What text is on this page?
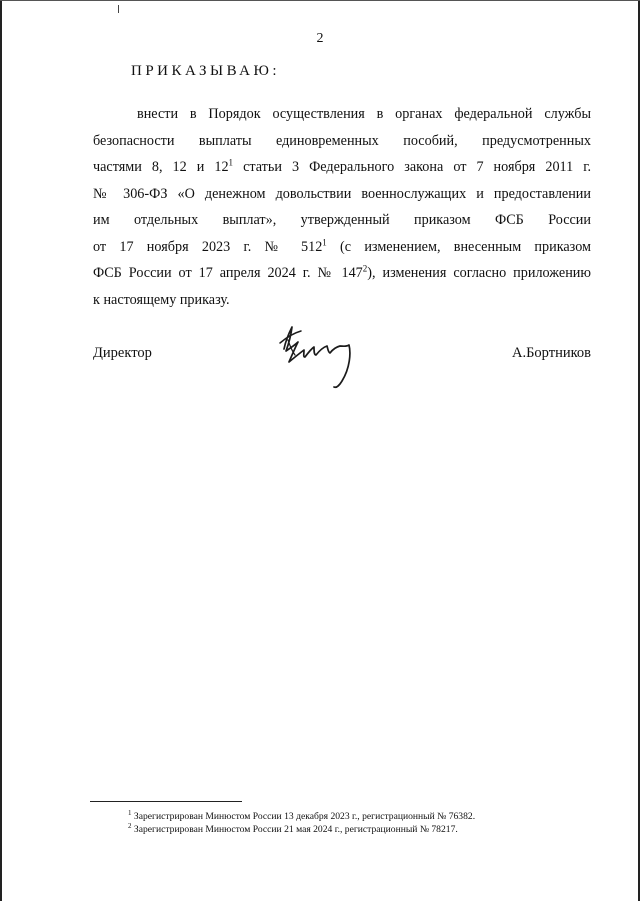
2
ПРИКАЗЫВАЮ:
внести в Порядок осуществления в органах федеральной службы
безопасности выплаты единовременных пособий, предусмотренных
частями 8, 12 и $12^1$ статьи 3 Федерального закона от 7 ноября 2011 г.
№ 306-ФЗ «О денежном довольствии военнослужащих и предоставлении
им отдельных выплат», утвержденный приказом ФСБ России
от 17 ноября 2023 г. № $512^1$ (с изменением, внесенным приказом
ФСБ России от 17 апреля 2024 г. № $147^2$), изменения согласно приложению
к настоящему приказу.
Директор	А.Бортников
$^1$ Зарегистрирован Минюстом России 13 декабря 2023 г., регистрационный № 76382.
$^2$ Зарегистрирован Минюстом России 21 мая 2024 г., регистрационный № 78217.
